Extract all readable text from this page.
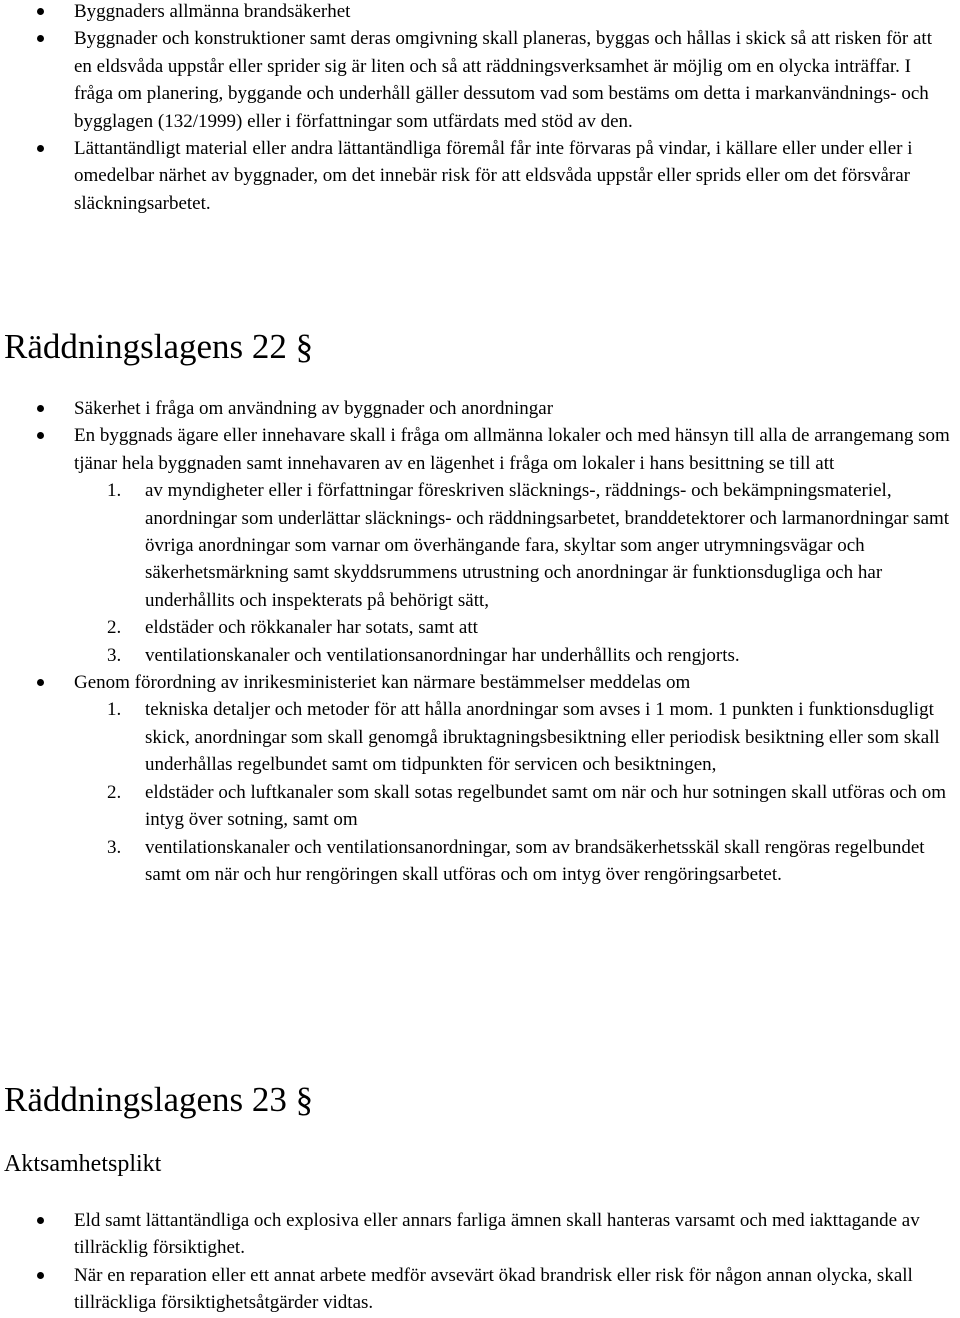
Byggnaders allmänna brandsäkerhet
Byggnader och konstruktioner samt deras omgivning skall planeras, byggas och hållas i skick så att risken för att en eldsvåda uppstår eller sprider sig är liten och så att räddningsverksamhet är möjlig om en olycka inträffar. I fråga om planering, byggande och underhåll gäller dessutom vad som bestäms om detta i markanvändnings- och bygglagen (132/1999) eller i författningar som utfärdats med stöd av den.
Lättantändligt material eller andra lättantändliga föremål får inte förvaras på vindar, i källare eller under eller i omedelbar närhet av byggnader, om det innebär risk för att eldsvåda uppstår eller sprids eller om det försvårar släckningsarbetet.
Räddningslagens 22 §
Säkerhet i fråga om användning av byggnader och anordningar
En byggnads ägare eller innehavare skall i fråga om allmänna lokaler och med hänsyn till alla de arrangemang som tjänar hela byggnaden samt innehavaren av en lägenhet i fråga om lokaler i hans besittning se till att
1. av myndigheter eller i författningar föreskriven släcknings-, räddnings- och bekämpningsmateriel, anordningar som underlättar släcknings- och räddningsarbetet, branddetektorer och larmanordningar samt övriga anordningar som varnar om överhängande fara, skyltar som anger utrymningsvägar och säkerhetsmärkning samt skyddsrummens utrustning och anordningar är funktionsdugliga och har underhållits och inspekterats på behörigt sätt,
2. eldstäder och rökkanaler har sotats, samt att
3. ventilationskanaler och ventilationsanordningar har underhållits och rengjorts.
Genom förordning av inrikesministeriet kan närmare bestämmelser meddelas om
1. tekniska detaljer och metoder för att hålla anordningar som avses i 1 mom. 1 punkten i funktionsdugligt skick, anordningar som skall genomgå ibruktagningsbesiktning eller periodisk besiktning eller som skall underhållas regelbundet samt om tidpunkten för servicen och besiktningen,
2. eldstäder och luftkanaler som skall sotas regelbundet samt om när och hur sotningen skall utföras och om intyg över sotning, samt om
3. ventilationskanaler och ventilationsanordningar, som av brandsäkerhetsskäl skall rengöras regelbundet samt om när och hur rengöringen skall utföras och om intyg över rengöringsarbetet.
Räddningslagens 23 §
Aktsamhetsplikt
Eld samt lättantändliga och explosiva eller annars farliga ämnen skall hanteras varsamt och med iakttagande av tillräcklig försiktighet.
När en reparation eller ett annat arbete medför avsevärt ökad brandrisk eller risk för någon annan olycka, skall tillräckliga försiktighetsåtgärder vidtas.
